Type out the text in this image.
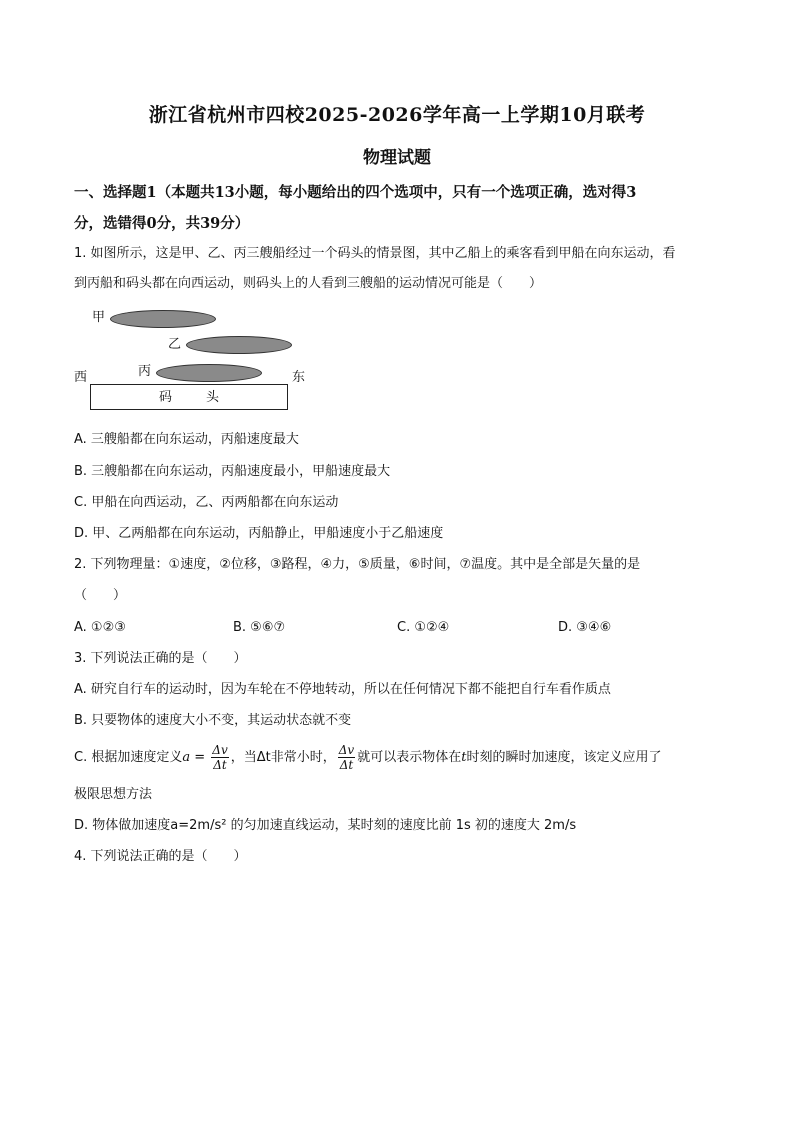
浙江省杭州市四校2025-2026学年高一上学期10月联考
物理试题
一、选择题1（本题共13小题，每小题给出的四个选项中，只有一个选项正确，选对得3
分，选错得0分，共39分）
1. 如图所示，这是甲、乙、丙三艘船经过一个码头的情景图，其中乙船上的乘客看到甲船在向东运动，看
到丙船和码头都在向西运动，则码头上的人看到三艘船的运动情况可能是（　　）
甲
乙
丙
西	东
码头
A. 三艘船都在向东运动，丙船速度最大
B. 三艘船都在向东运动，丙船速度最小，甲船速度最大
C. 甲船在向西运动，乙、丙两船都在向东运动
D. 甲、乙两船都在向东运动，丙船静止，甲船速度小于乙船速度
2. 下列物理量：①速度，②位移，③路程，④力，⑤质量，⑥时间，⑦温度。其中是全部是矢量的是
（　　）
A. ①②③	B. ⑤⑥⑦	C. ①②④	D. ③④⑥
3. 下列说法正确的是（　　）
A. 研究自行车的运动时，因为车轮在不停地转动，所以在任何情况下都不能把自行车看作质点
B. 只要物体的速度大小不变，其运动状态就不变
C. 根据加速度定义$a = \frac{\Delta v}{\Delta t}$ ，当Δt非常小时， $\frac{\Delta v}{\Delta t}$ 就可以表示物体在t时刻的瞬时加速度，该定义应用了
极限思想方法
D. 物体做加速度a=2m/s² 的匀加速直线运动，某时刻的速度比前 1s 初的速度大 2m/s
4. 下列说法正确的是（　　）
